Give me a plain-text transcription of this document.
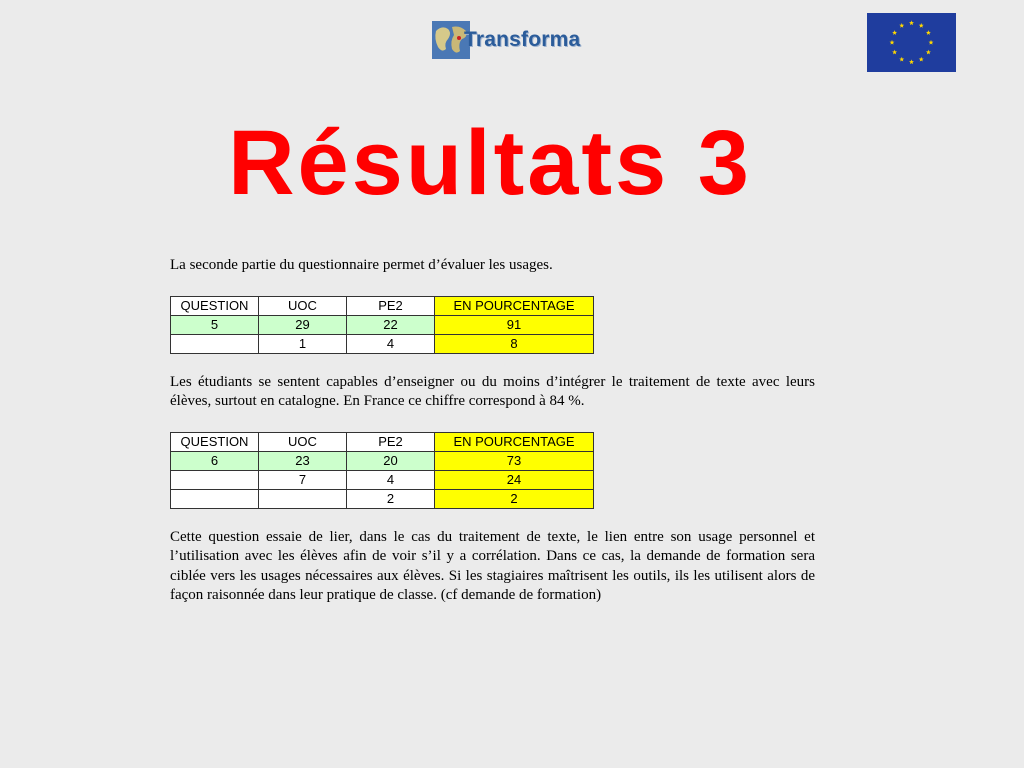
Transforma
Résultats 3

La seconde partie du questionnaire permet d’évaluer les usages.

QUESTION	UOC	PE2	EN POURCENTAGE
5	29	22	91
	1	4	8

Les étudiants se sentent capables d’enseigner ou du moins d’intégrer le traitement de texte avec leurs élèves, surtout en catalogne. En France ce chiffre correspond à 84 %.

QUESTION	UOC	PE2	EN POURCENTAGE
6	23	20	73
	7	4	24
		2	2

Cette question essaie de lier, dans le cas du traitement de texte, le lien entre son usage personnel et l’utilisation avec les élèves afin de voir s’il y a corrélation. Dans ce cas, la demande de formation sera ciblée vers les usages nécessaires aux élèves. Si les stagiaires maîtrisent les outils, ils les utilisent alors de façon raisonnée dans leur pratique de classe. (cf demande de formation)
